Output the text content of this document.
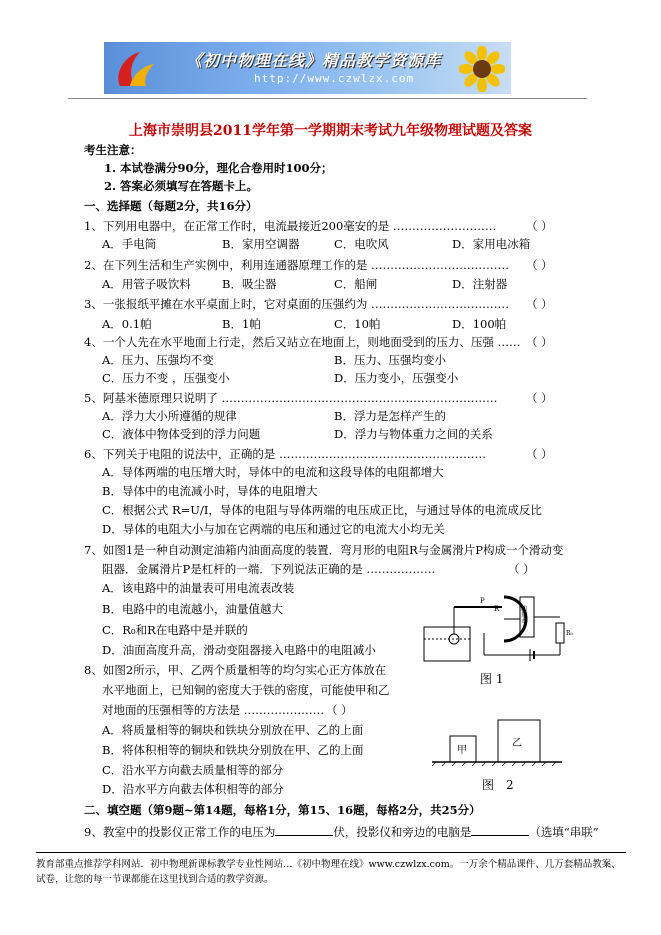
《初中物理在线》精品教学资源库
http://www.czwlzx.com
上海市崇明县2011学年第一学期期末考试九年级物理试题及答案
考生注意：
1. 本试卷满分90分，理化合卷用时100分；
2. 答案必须填写在答题卡上。
一、选择题（每题2分，共16分）
1、下列用电器中，在正常工作时，电流最接近200毫安的是 ………………………	（ ）
A．手电筒	B．家用空调器	C．电吹风	D．家用电冰箱
2、在下列生活和生产实例中，利用连通器原理工作的是 ……………………………… （ ）
A．用管子吸饮料	B．吸尘器	C．船闸	D．注射器
3、一张报纸平摊在水平桌面上时，它对桌面的压强约为 ……………………………… （ ）
A．0.1帕	B．1帕	C．10帕	D．100帕
4、一个人先在水平地面上行走，然后又站立在地面上，则地面受到的压力、压强 …… （ ）
A．压力、压强均不变	B．压力、压强均变小
C．压力不变 ，压强变小	D．压力变小，压强变小
5、阿基米德原理只说明了 ……………………………………………………………… （ ）
A．浮力大小所遵循的规律	B．浮力是怎样产生的
C．液体中物体受到的浮力问题	D．浮力与物体重力之间的关系
6、下列关于电阻的说法中，正确的是 ………………………………………………	（ ）
A．导体两端的电压增大时，导体中的电流和这段导体的电阻都增大
B．导体中的电流减小时，导体的电阻增大
C．根据公式 R=U/I，导体的电阻与导体两端的电压成正比，与通过导体的电流成反比
D．导体的电阻大小与加在它两端的电压和通过它的电流大小均无关
7、如图1是一种自动测定油箱内油面高度的装置．弯月形的电阻R与金属滑片P构成一个滑动变
阻器．金属滑片P是杠杆的一端．下列说法正确的是 ………………	（ ）
A．该电路中的油量表可用电流表改装
B．电路中的电流越小，油量值越大
C．R₀和R在电路中是并联的
D．油面高度升高，滑动变阻器接入电路中的电阻减小
R
P
油量表
R₀
图 1
8、如图2所示，甲、乙两个质量相等的均匀实心正方体放在
水平地面上，已知铜的密度大于铁的密度，可能使甲和乙
对地面的压强相等的方法是 ………………… （ ）
A．将质量相等的铜块和铁块分别放在甲、乙的上面
B．将体积相等的铜块和铁块分别放在甲、乙的上面
C．沿水平方向截去质量相等的部分
D．沿水平方向截去体积相等的部分
甲
乙
图　2
二、填空题（第9题~第14题，每格1分，第15、16题，每格2分，共25分）
9、教室中的投影仪正常工作的电压为	伏，投影仪和旁边的电脑是	（选填“串联”
教育部重点推荐学科网站．初中物理新课标教学专业性网站…《初中物理在线》www.czwlzx.com。一万余个精品课件、几万套精品教案、试卷，让您的每一节课都能在这里找到合适的教学资源。
